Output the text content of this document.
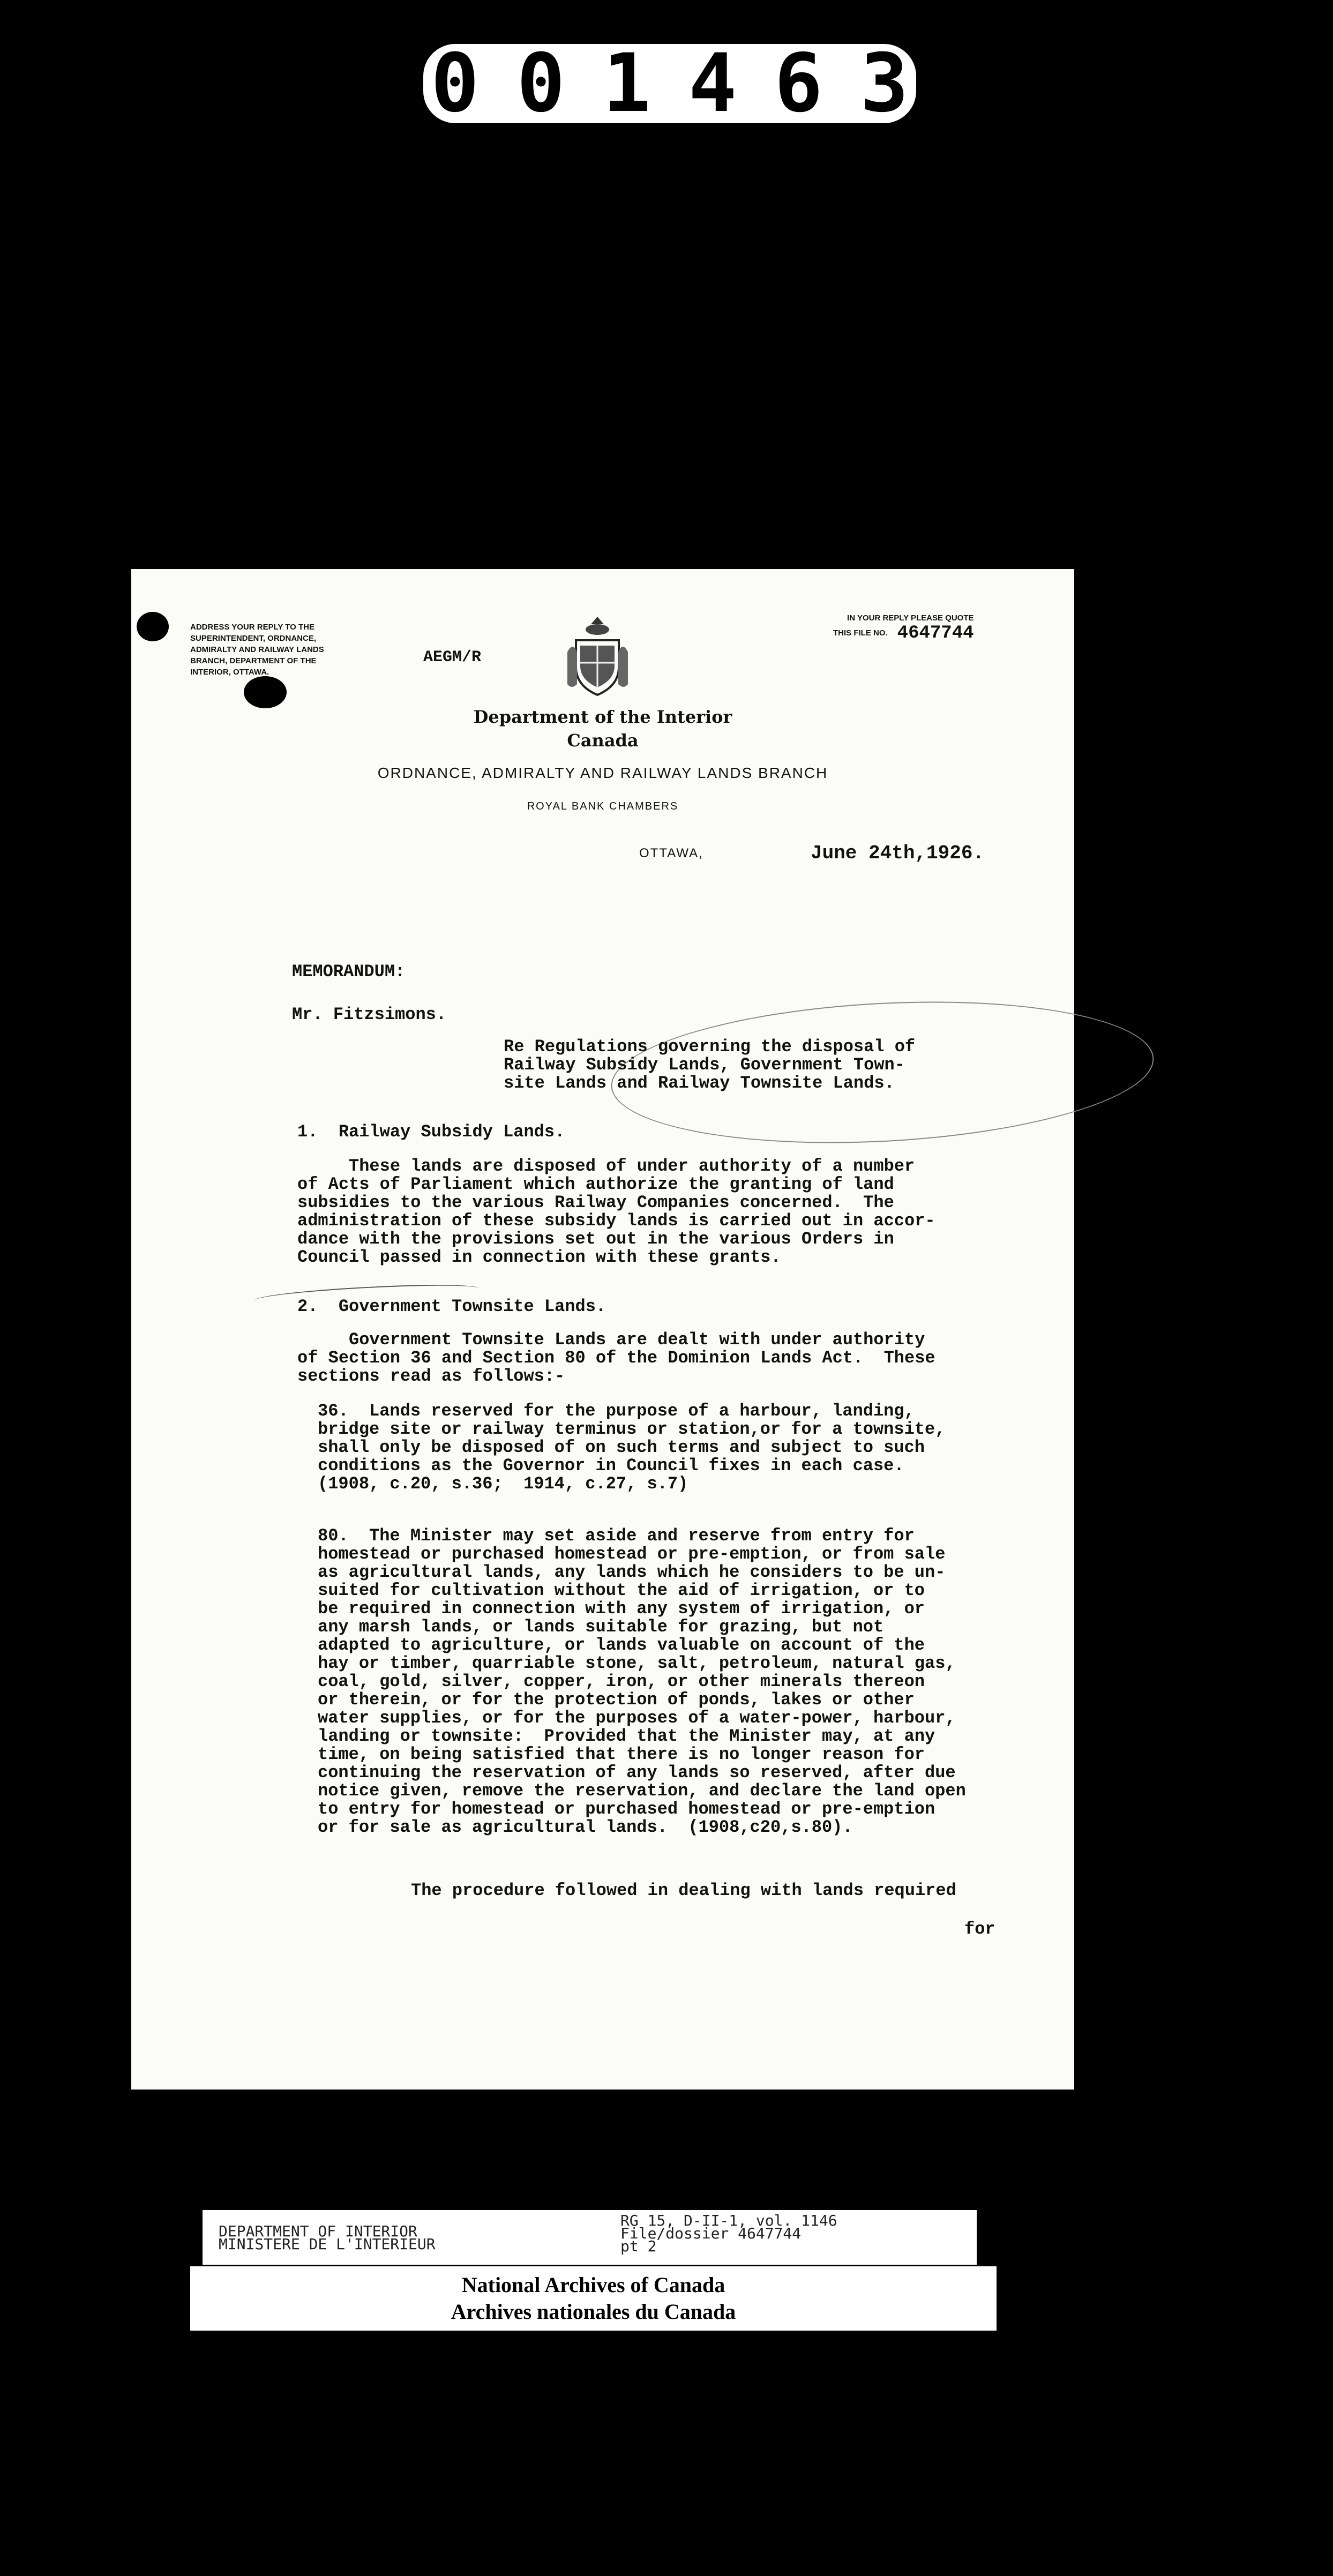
001463
ADDRESS YOUR REPLY TO THE SUPERINTENDENT, ORDNANCE, ADMIRALTY AND RAILWAY LANDS BRANCH, DEPARTMENT OF THE INTERIOR, OTTAWA.
AEGM/R
IN YOUR REPLY PLEASE QUOTE
THIS FILE NO. 4647744
Department of the Interior
Canada
ORDNANCE, ADMIRALTY AND RAILWAY LANDS BRANCH
ROYAL BANK CHAMBERS
OTTAWA,	June 24th,1926.
MEMORANDUM:
Mr. Fitzsimons.
Re Regulations governing the disposal of
Railway Subsidy Lands, Government Town-
site Lands and Railway Townsite Lands.
1.  Railway Subsidy Lands.
These lands are disposed of under authority of a number
of Acts of Parliament which authorize the granting of land
subsidies to the various Railway Companies concerned.  The
administration of these subsidy lands is carried out in accor-
dance with the provisions set out in the various Orders in
Council passed in connection with these grants.
2.  Government Townsite Lands.
Government Townsite Lands are dealt with under authority
of Section 36 and Section 80 of the Dominion Lands Act.  These
sections read as follows:-
36.  Lands reserved for the purpose of a harbour, landing,
bridge site or railway terminus or station,or for a townsite,
shall only be disposed of on such terms and subject to such
conditions as the Governor in Council fixes in each case.
(1908, c.20, s.36;  1914, c.27, s.7)
80.  The Minister may set aside and reserve from entry for
homestead or purchased homestead or pre-emption, or from sale
as agricultural lands, any lands which he considers to be un-
suited for cultivation without the aid of irrigation, or to
be required in connection with any system of irrigation, or
any marsh lands, or lands suitable for grazing, but not
adapted to agriculture, or lands valuable on account of the
hay or timber, quarriable stone, salt, petroleum, natural gas,
coal, gold, silver, copper, iron, or other minerals thereon
or therein, or for the protection of ponds, lakes or other
water supplies, or for the purposes of a water-power, harbour,
landing or townsite:  Provided that the Minister may, at any
time, on being satisfied that there is no longer reason for
continuing the reservation of any lands so reserved, after due
notice given, remove the reservation, and declare the land open
to entry for homestead or purchased homestead or pre-emption
or for sale as agricultural lands.  (1908,c20,s.80).
The procedure followed in dealing with lands required
for
DEPARTMENT OF INTERIOR
MINISTERE DE L'INTERIEUR
RG 15, D-II-1, vol. 1146
File/dossier 4647744
pt 2
National Archives of Canada
Archives nationales du Canada
